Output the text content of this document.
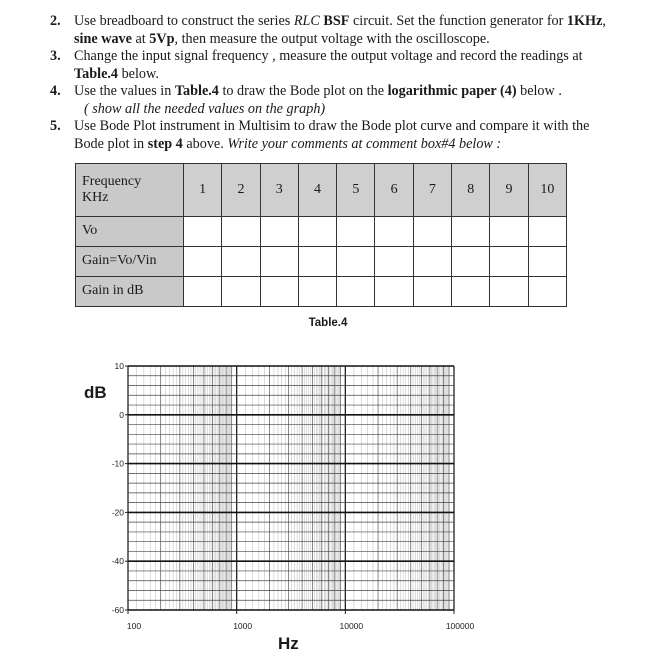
2. Use breadboard to construct the series RLC BSF circuit. Set the function generator for 1KHz, sine wave at 5Vp, then measure the output voltage with the oscilloscope.
3. Change the input signal frequency , measure the output voltage and record the readings at Table.4 below.
4. Use the values in Table.4 to draw the Bode plot on the logarithmic paper (4) below .
( show all the needed values on the graph)
5. Use Bode Plot instrument in Multisim to draw the Bode plot curve and compare it with the Bode plot in step 4 above. Write your comments at comment box#4 below :
Frequency
KHz	1	2	3	4	5	6	7	8	9	10
Vo										
Gain=Vo/Vin										
Gain in dB										
Table.4
dB
Hz
10
0
-10
-20
-40
-60
100	1000	10000	100000
